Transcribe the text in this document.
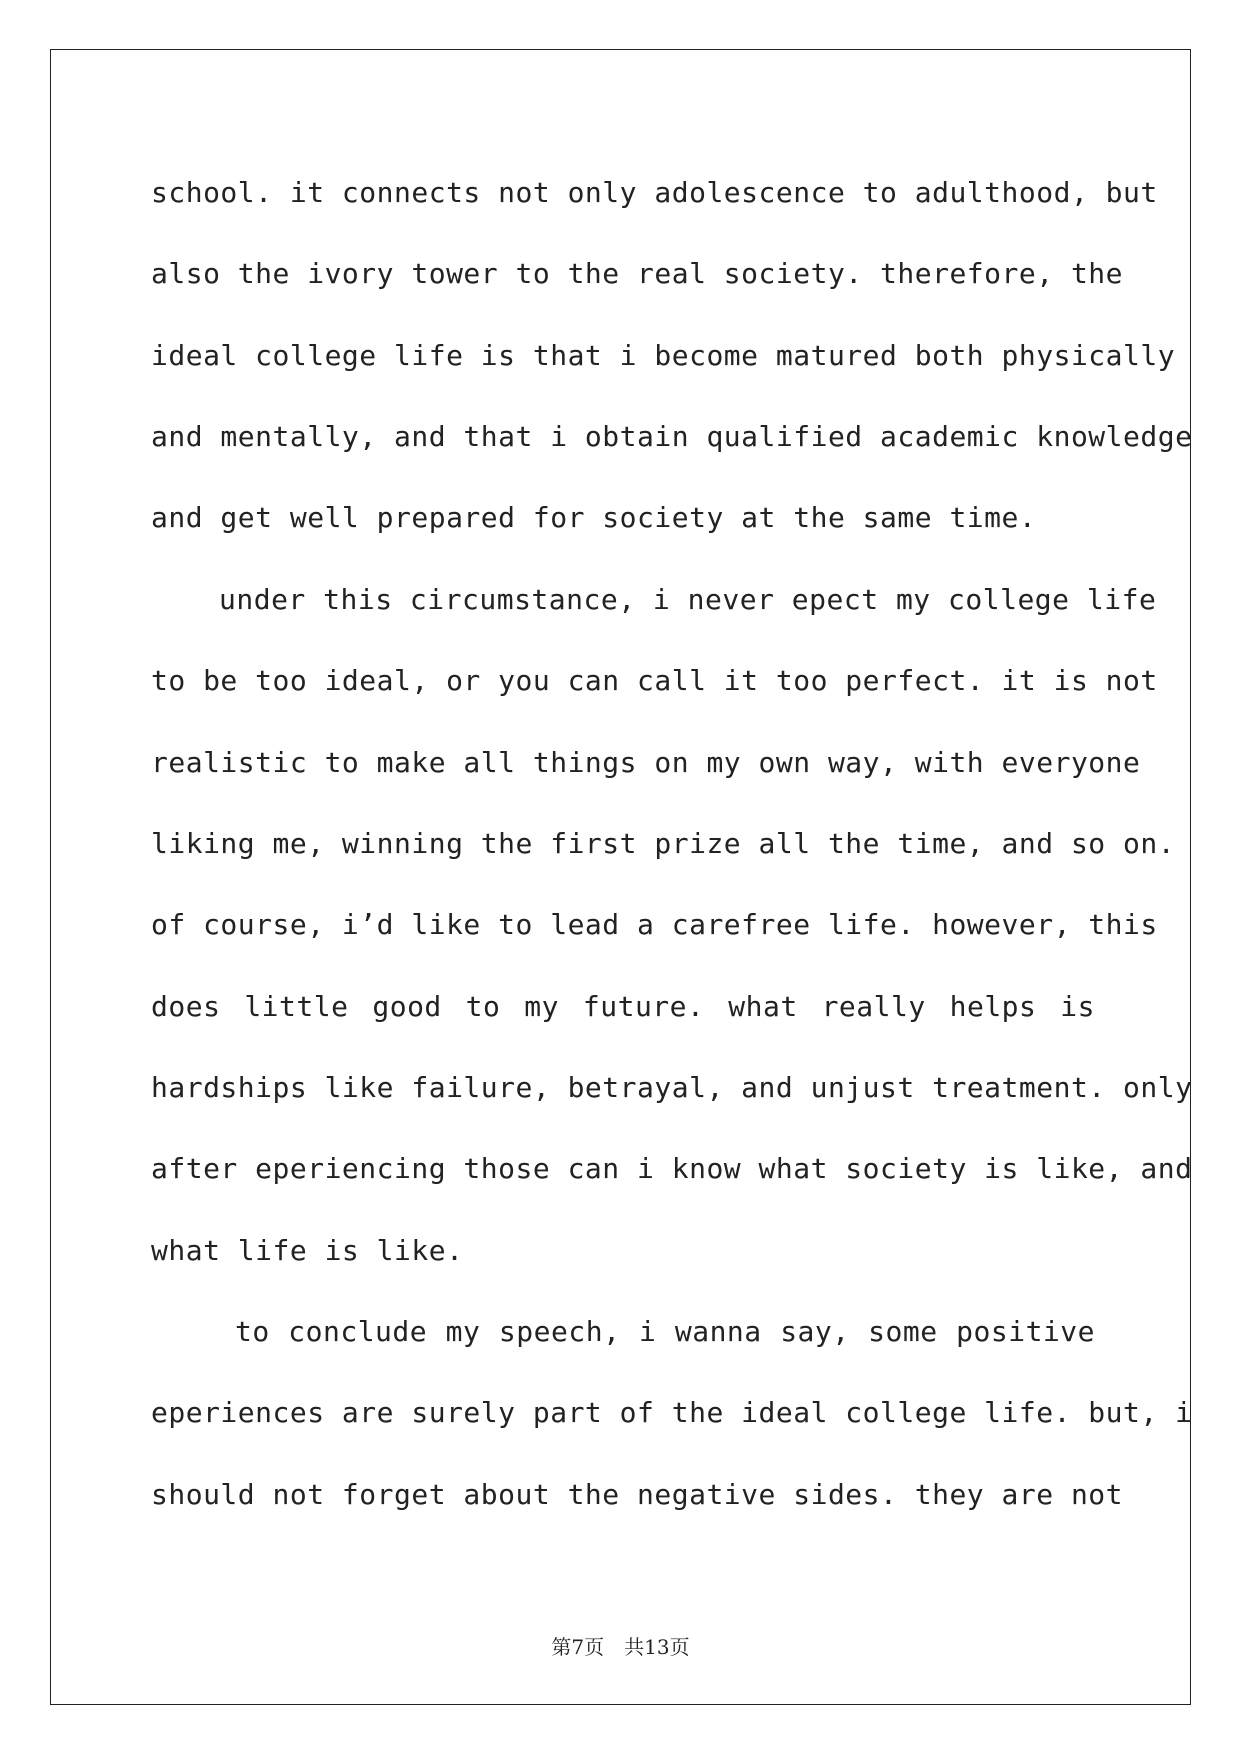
school. it connects not only adolescence to adulthood, but
also the ivory tower to the real society. therefore, the
ideal college life is that i become matured both physically
and mentally, and that i obtain qualified academic knowledge
and get well prepared for society at the same time.
under this circumstance, i never epect my college life
to be too ideal, or you can call it too perfect. it is not
realistic to make all things on my own way, with everyone
liking me, winning the first prize all the time, and so on.
of course, i’d like to lead a carefree life. however, this
does little good to my future. what really helps is
hardships like failure, betrayal, and unjust treatment. only
after eperiencing those can i know what society is like, and
what life is like.
to conclude my speech, i wanna say, some positive
eperiences are surely part of the ideal college life. but, i
should not forget about the negative sides. they are not
第7页　共13页
